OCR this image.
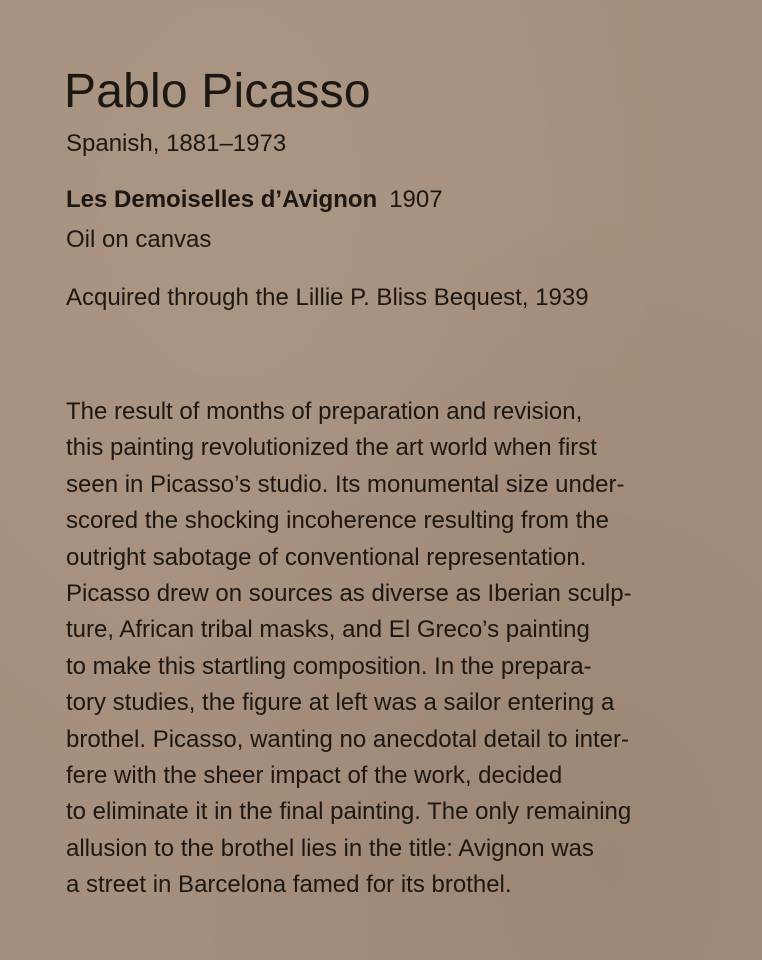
Pablo Picasso
Spanish, 1881–1973
Les Demoiselles d’Avignon 1907
Oil on canvas
Acquired through the Lillie P. Bliss Bequest, 1939

The result of months of preparation and revision,
this painting revolutionized the art world when first
seen in Picasso’s studio. Its monumental size under-
scored the shocking incoherence resulting from the
outright sabotage of conventional representation.
Picasso drew on sources as diverse as Iberian sculp-
ture, African tribal masks, and El Greco’s painting
to make this startling composition. In the prepara-
tory studies, the figure at left was a sailor entering a
brothel. Picasso, wanting no anecdotal detail to inter-
fere with the sheer impact of the work, decided
to eliminate it in the final painting. The only remaining
allusion to the brothel lies in the title: Avignon was
a street in Barcelona famed for its brothel.
